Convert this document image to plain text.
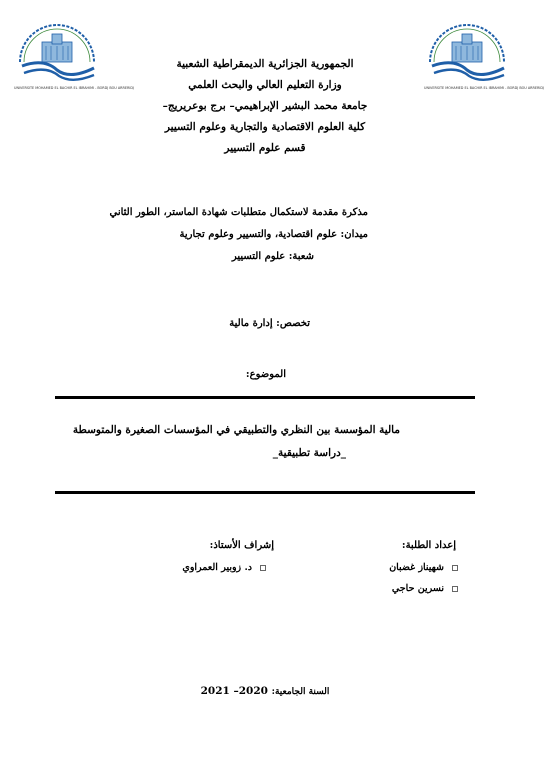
UNIVERSITE MOHAMED EL BACHIR EL IBRAHIMI - BORDJ BOU ARRERIDJ	UNIVERSITE MOHAMED EL BACHIR EL IBRAHIMI - BORDJ BOU ARRERIDJ
الجمهورية الجزائرية الديمقراطية الشعبية
وزارة التعليم العالي والبحث العلمي
جامعة محمد البشير الإبراهيمي– برج بوعريريج–
كلية العلوم الاقتصادية والتجارية وعلوم التسيير
قسم علوم التسيير
مذكرة مقدمة لاستكمال متطلبات شهادة الماستر، الطور الثاني
ميدان: علوم اقتصادية، والتسيير وعلوم تجارية
شعبة: علوم التسيير
تخصص: إدارة مالية
الموضوع:
مالية المؤسسة بين النظري والتطبيقي في المؤسسات الصغيرة والمتوسطة
_دراسة تطبيقية_
إشراف الأستاذ:
د. زوبير العمراوي
إعداد الطلبة:
شهيناز غضبان
نسرين حاجي
السنة الجامعية: 2020– 2021
